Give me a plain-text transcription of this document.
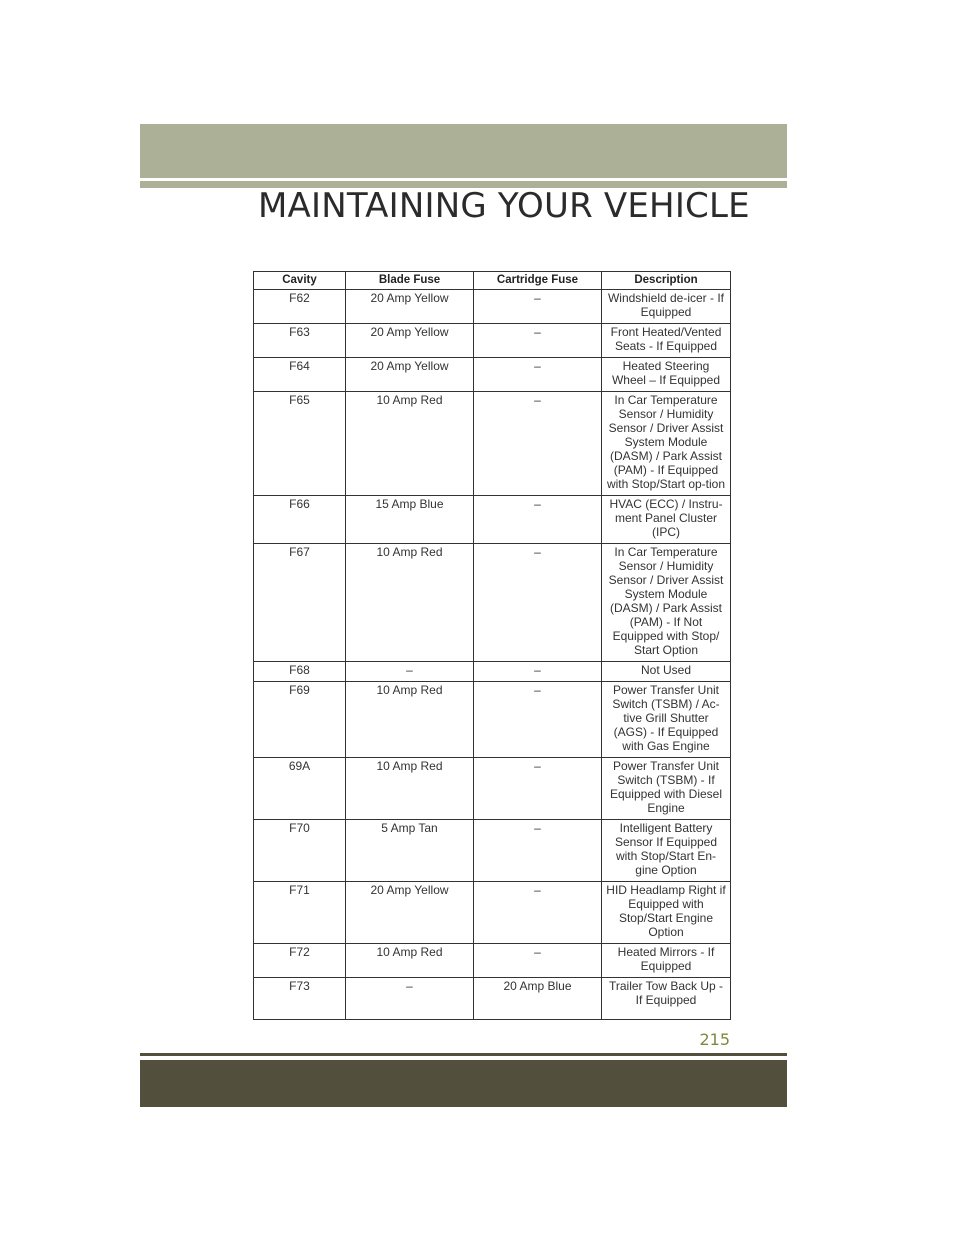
MAINTAINING YOUR VEHICLE
Cavity	Blade Fuse	Cartridge Fuse	Description
F62	20 Amp Yellow	–	Windshield de-icer - If Equipped
F63	20 Amp Yellow	–	Front Heated/Vented Seats - If Equipped
F64	20 Amp Yellow	–	Heated Steering Wheel – If Equipped
F65	10 Amp Red	–	In Car Temperature Sensor / Humidity Sensor / Driver Assist System Module (DASM) / Park Assist (PAM) - If Equipped with Stop/Start op-tion
F66	15 Amp Blue	–	HVAC (ECC) / Instru-ment Panel Cluster (IPC)
F67	10 Amp Red	–	In Car Temperature Sensor / Humidity Sensor / Driver Assist System Module (DASM) / Park Assist (PAM) - If Not Equipped with Stop/ Start Option
F68	–	–	Not Used
F69	10 Amp Red	–	Power Transfer Unit Switch (TSBM) / Ac-tive Grill Shutter (AGS) - If Equipped with Gas Engine
69A	10 Amp Red	–	Power Transfer Unit Switch (TSBM) - If Equipped with Diesel Engine
F70	5 Amp Tan	–	Intelligent Battery Sensor If Equipped with Stop/Start En-gine Option
F71	20 Amp Yellow	–	HID Headlamp Right if Equipped with Stop/Start Engine Option
F72	10 Amp Red	–	Heated Mirrors - If Equipped
F73	–	20 Amp Blue	Trailer Tow Back Up - If Equipped
215
